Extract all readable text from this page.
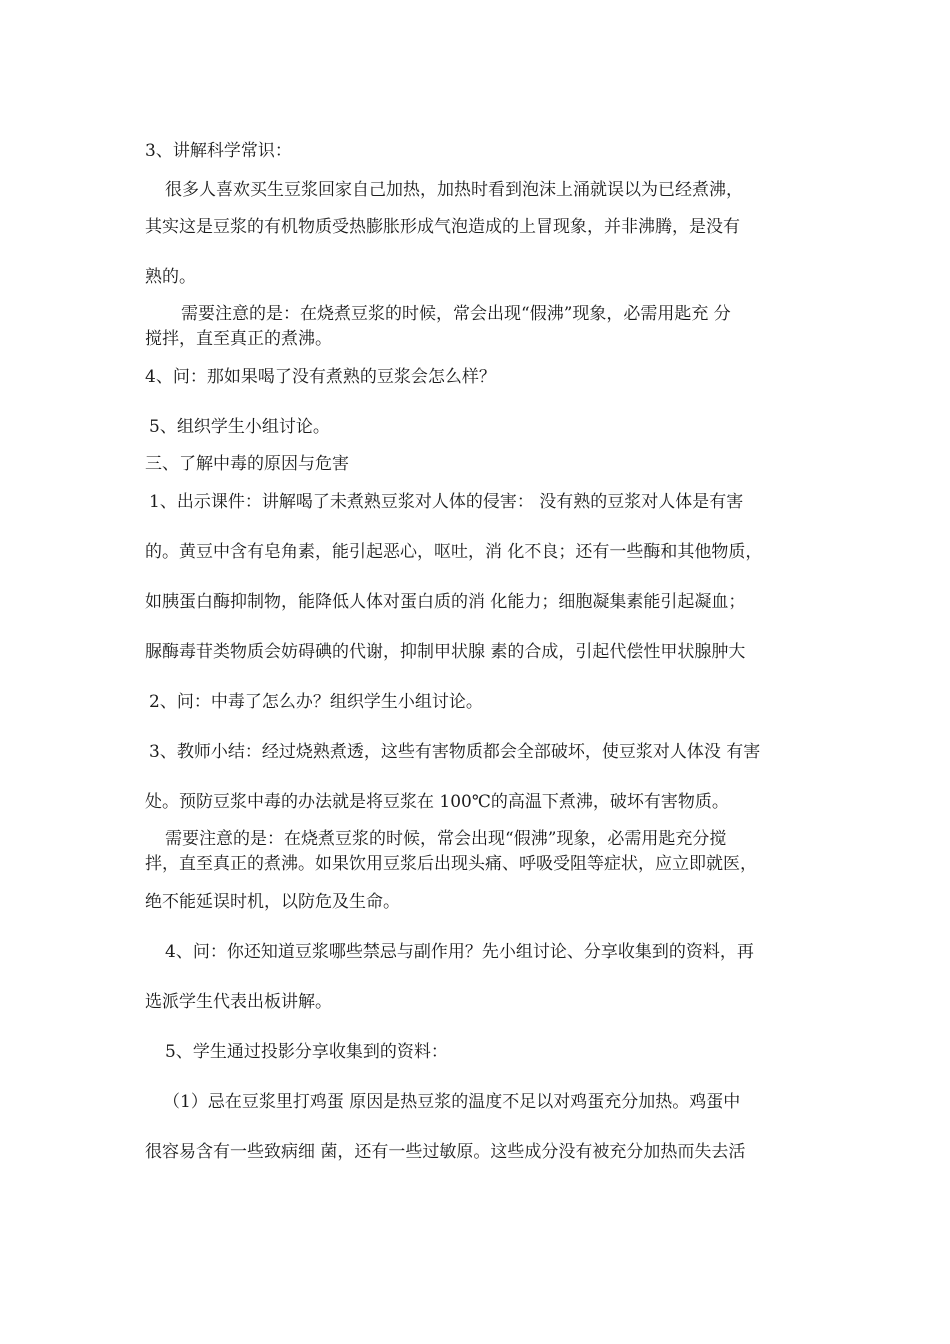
3、讲解科学常识：
很多人喜欢买生豆浆回家自己加热，加热时看到泡沫上涌就误以为已经煮沸，
其实这是豆浆的有机物质受热膨胀形成气泡造成的上冒现象，并非沸腾，是没有
熟的。
需要注意的是：在烧煮豆浆的时候，常会出现“假沸”现象，必需用匙充 分
搅拌，直至真正的煮沸。
4、问：那如果喝了没有煮熟的豆浆会怎么样？
5、组织学生小组讨论。
三、了解中毒的原因与危害
1、出示课件：讲解喝了未煮熟豆浆对人体的侵害： 没有熟的豆浆对人体是有害
的。黄豆中含有皂角素，能引起恶心，呕吐，消 化不良；还有一些酶和其他物质，
如胰蛋白酶抑制物，能降低人体对蛋白质的消 化能力；细胞凝集素能引起凝血；
脲酶毒苷类物质会妨碍碘的代谢，抑制甲状腺 素的合成，引起代偿性甲状腺肿大
2、问：中毒了怎么办？组织学生小组讨论。
3、教师小结：经过烧熟煮透，这些有害物质都会全部破坏，使豆浆对人体没 有害
处。预防豆浆中毒的办法就是将豆浆在 100℃的高温下煮沸，破坏有害物质。
需要注意的是：在烧煮豆浆的时候，常会出现“假沸”现象，必需用匙充分搅
拌，直至真正的煮沸。如果饮用豆浆后出现头痛、呼吸受阻等症状，应立即就医，
绝不能延误时机，以防危及生命。
4、问：你还知道豆浆哪些禁忌与副作用？先小组讨论、分享收集到的资料，再
选派学生代表出板讲解。
5、学生通过投影分享收集到的资料：
（1）忌在豆浆里打鸡蛋 原因是热豆浆的温度不足以对鸡蛋充分加热。鸡蛋中
很容易含有一些致病细 菌，还有一些过敏原。这些成分没有被充分加热而失去活
